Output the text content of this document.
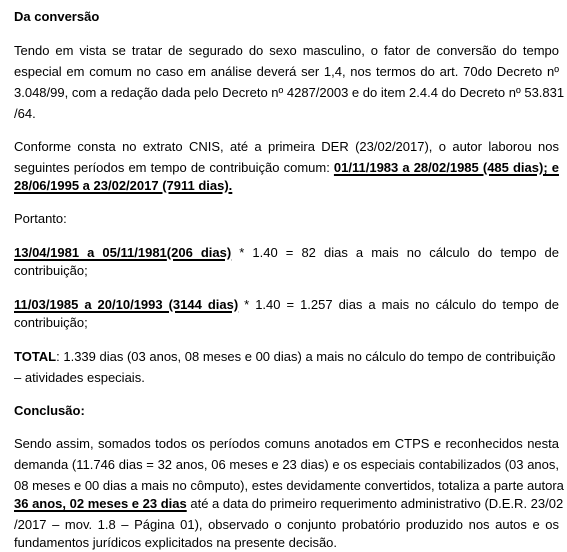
Da conversão
Tendo em vista se tratar de segurado do sexo masculino, o fator de conversão do tempo
especial em comum no caso em análise deverá ser 1,4, nos termos do art. 70do Decreto nº
3.048/99, com a redação dada pelo Decreto nº 4287/2003 e do item 2.4.4 do Decreto nº 53.831
/64.
Conforme consta no extrato CNIS, até a primeira DER (23/02/2017), o autor laborou nos
seguintes períodos em tempo de contribuição comum: 01/11/1983 a 28/02/1985 (485 dias); e
28/06/1995 a 23/02/2017 (7911 dias).
Portanto:
13/04/1981 a 05/11/1981(206 dias) * 1.40 = 82 dias a mais no cálculo do tempo de
contribuição;
11/03/1985 a 20/10/1993 (3144 dias) * 1.40 = 1.257 dias a mais no cálculo do tempo de
contribuição;
TOTAL: 1.339 dias (03 anos, 08 meses e 00 dias) a mais no cálculo do tempo de contribuição
– atividades especiais.
Conclusão:
Sendo assim, somados todos os períodos comuns anotados em CTPS e reconhecidos nesta
demanda (11.746 dias = 32 anos, 06 meses e 23 dias) e os especiais contabilizados (03 anos,
08 meses e 00 dias a mais no cômputo), estes devidamente convertidos, totaliza a parte autora
36 anos, 02 meses e 23 dias até a data do primeiro requerimento administrativo (D.E.R. 23/02
/2017 – mov. 1.8 – Página 01), observado o conjunto probatório produzido nos autos e os
fundamentos jurídicos explicitados na presente decisão.
